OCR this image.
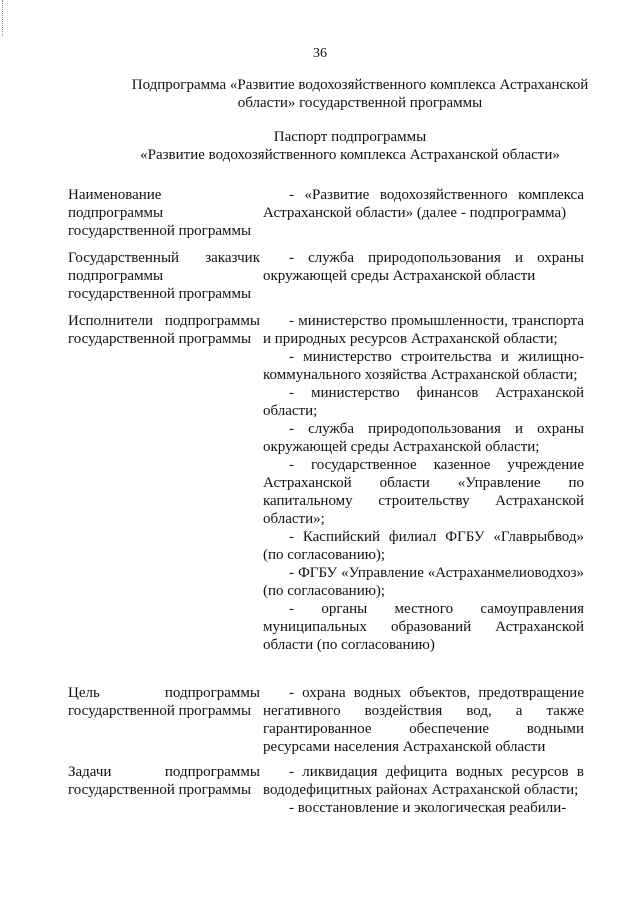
36
Подпрограмма «Развитие водохозяйственного комплекса Астраханской
области» государственной программы
Паспорт подпрограммы
«Развитие водохозяйственного комплекса Астраханской области»
Наименование подпрограммы государственной программы

- «Развитие водохозяйственного комплекса Астраханской области» (далее - подпрограмма)

Государственный заказчик подпрограммы государственной программы

- служба природопользования и охраны окружающей среды Астраханской области

Исполнители подпрограммы государственной программы

- министерство промышленности, транспорта и природных ресурсов Астраханской области;

- министерство строительства и жилищно-коммунального хозяйства Астраханской области;

- министерство финансов Астраханской области;

- служба природопользования и охраны окружающей среды Астраханской области;

- государственное казенное учреждение Астраханской области «Управление по капитальному строительству Астраханской области»;

- Каспийский филиал ФГБУ «Главрыбвод» (по согласованию);

- ФГБУ «Управление «Астраханмелиоводхоз» (по согласованию);

- органы местного самоуправления муниципальных образований Астраханской области (по согласованию)

Цель подпрограммы государственной программы

- охрана водных объектов, предотвращение негативного воздействия вод, а также гарантированное обеспечение водными ресурсами населения Астраханской области

Задачи подпрограммы государственной программы

- ликвидация дефицита водных ресурсов в вододефицитных районах Астраханской области;

- восстановление и экологическая реабили-
